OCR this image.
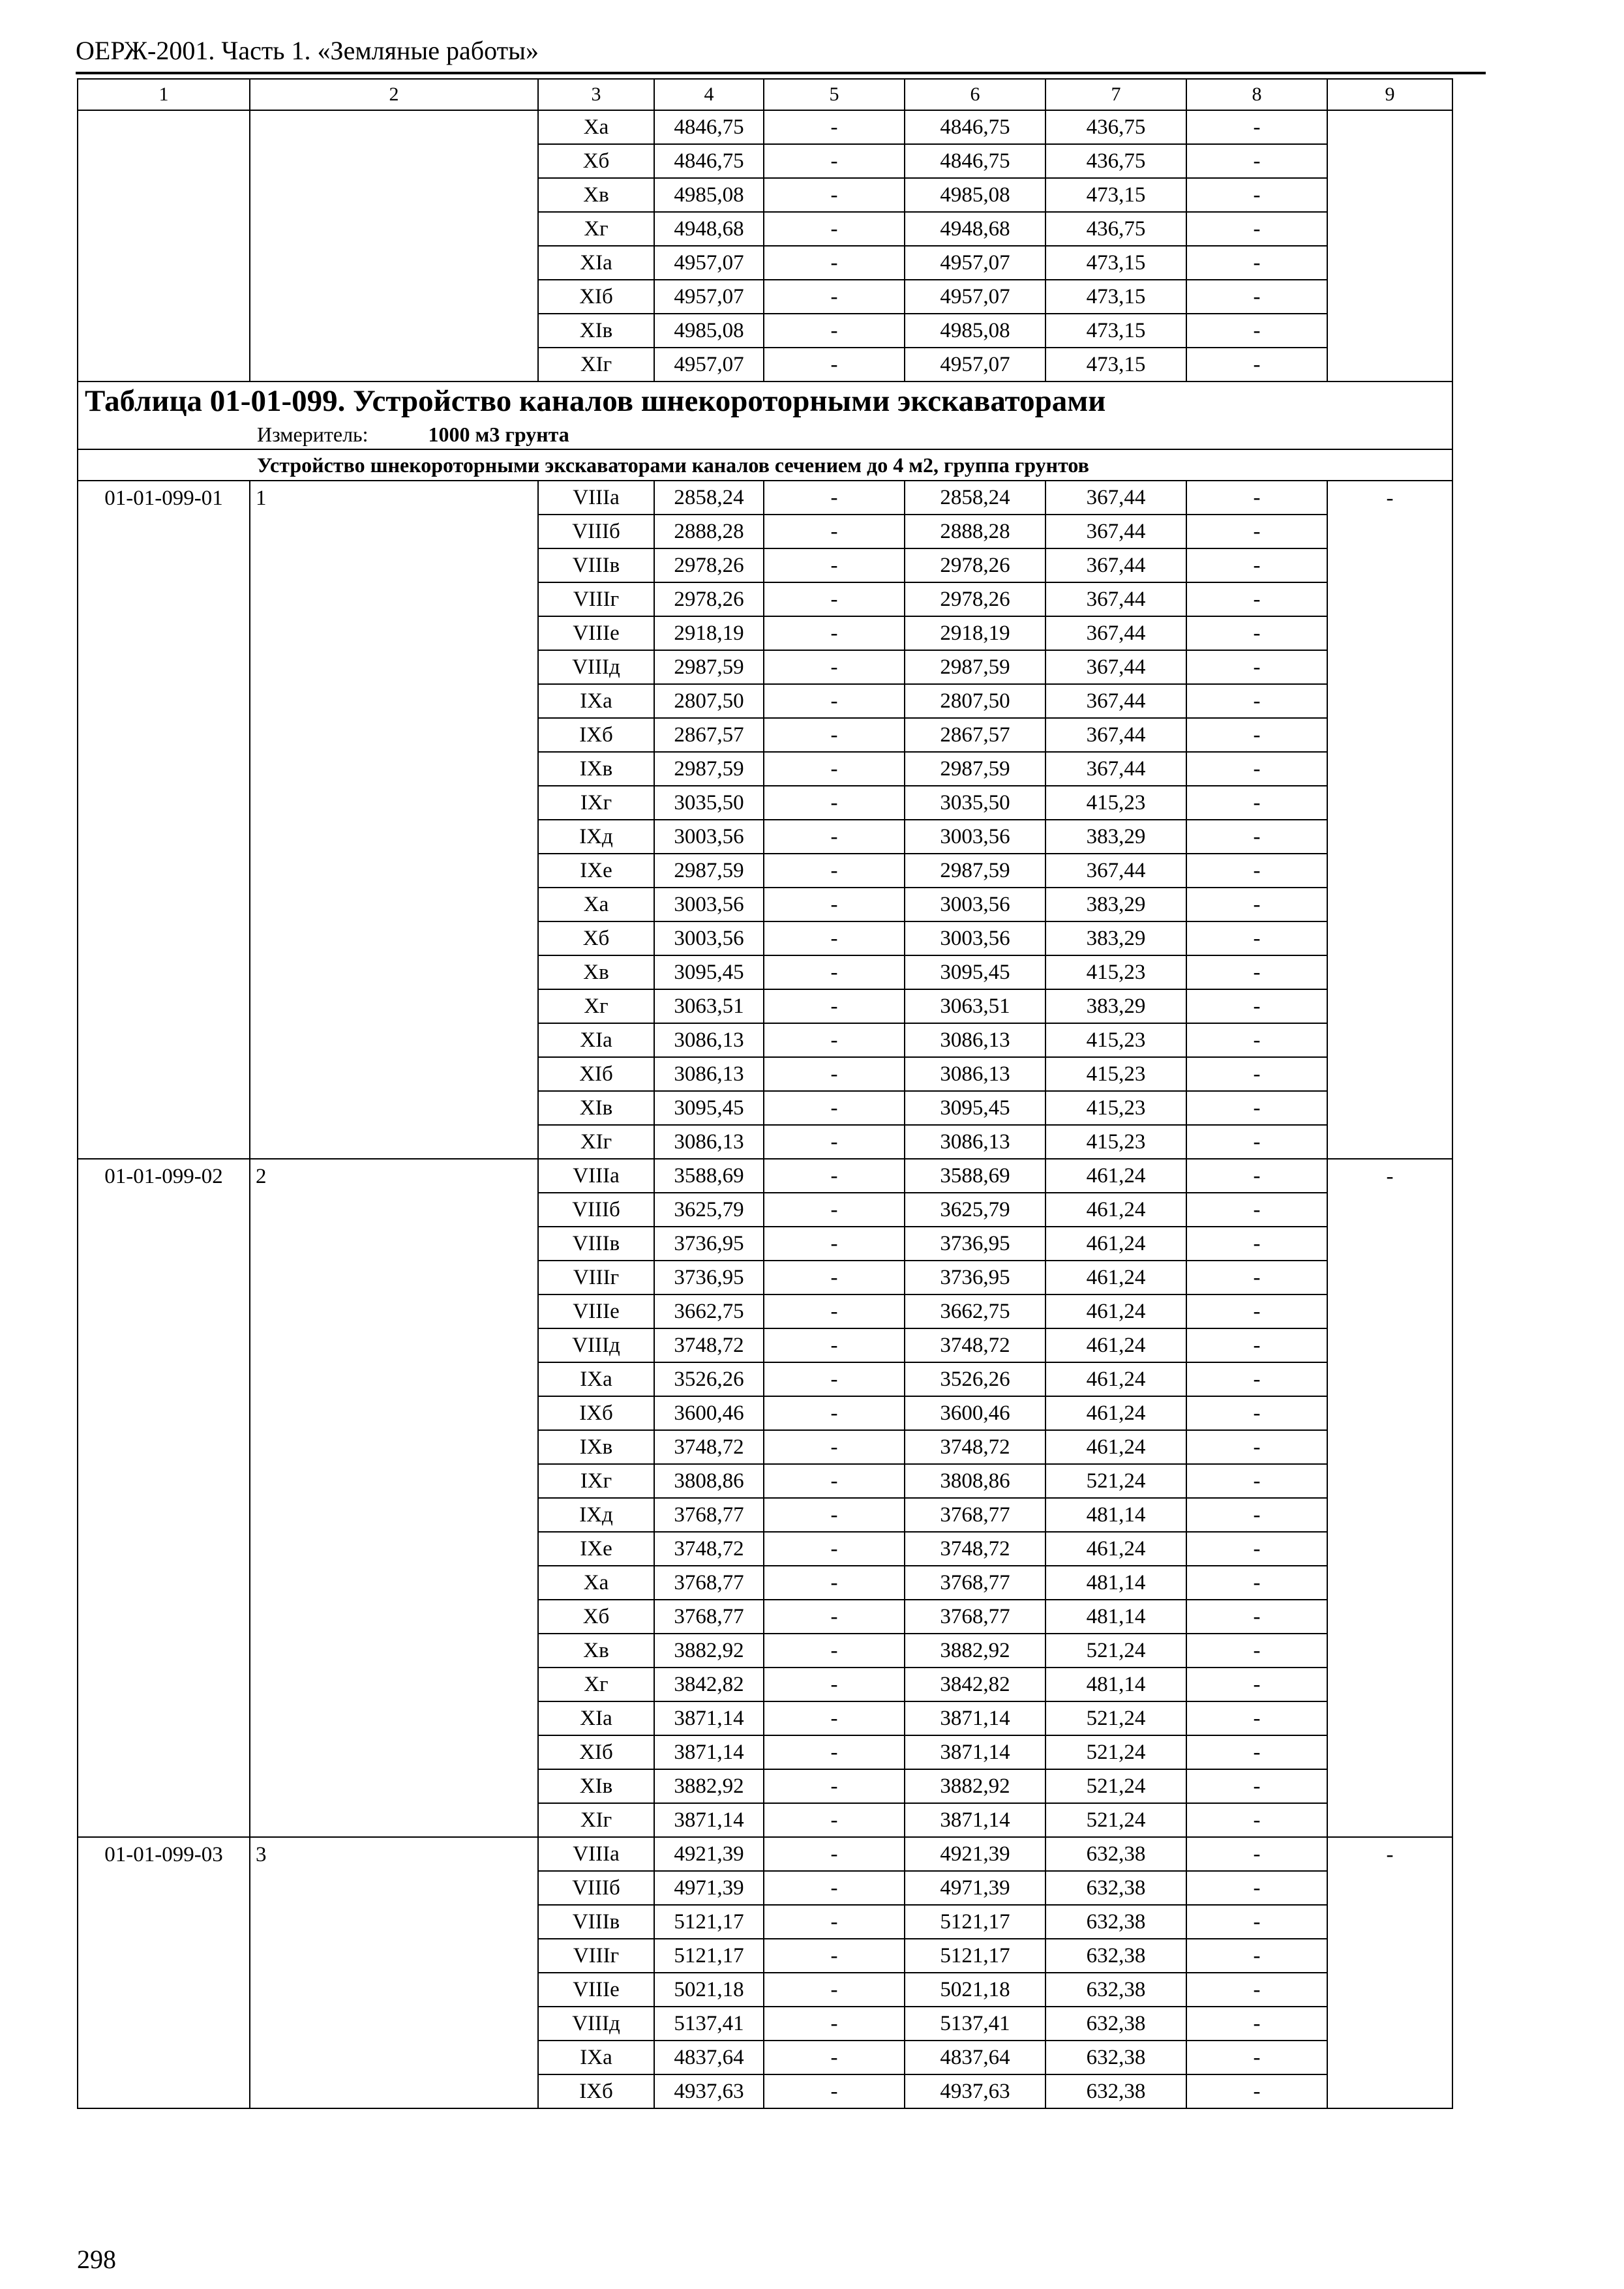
ОЕРЖ-2001. Часть 1. «Земляные работы»
1	2	3	4	5	6	7	8	9
		Xа	4846,75	-	4846,75	436,75	-	
		Xб	4846,75	-	4846,75	436,75	-	
		Xв	4985,08	-	4985,08	473,15	-	
		Xг	4948,68	-	4948,68	436,75	-	
		XIа	4957,07	-	4957,07	473,15	-	
		XIб	4957,07	-	4957,07	473,15	-	
		XIв	4985,08	-	4985,08	473,15	-	
		XIг	4957,07	-	4957,07	473,15	-	
Таблица 01-01-099. Устройство каналов шнекороторными экскаваторами								
Измеритель: 1000 м3 грунта								
Устройство шнекороторными экскаваторами каналов сечением до 4 м2, группа грунтов								
01-01-099-01	1	VIIIа	2858,24	-	2858,24	367,44	-	-
		VIIIб	2888,28	-	2888,28	367,44	-	
		VIIIв	2978,26	-	2978,26	367,44	-	
		VIIIг	2978,26	-	2978,26	367,44	-	
		VIIIе	2918,19	-	2918,19	367,44	-	
		VIIIд	2987,59	-	2987,59	367,44	-	
		IXа	2807,50	-	2807,50	367,44	-	
		IXб	2867,57	-	2867,57	367,44	-	
		IXв	2987,59	-	2987,59	367,44	-	
		IXг	3035,50	-	3035,50	415,23	-	
		IXд	3003,56	-	3003,56	383,29	-	
		IXе	2987,59	-	2987,59	367,44	-	
		Xа	3003,56	-	3003,56	383,29	-	
		Xб	3003,56	-	3003,56	383,29	-	
		Xв	3095,45	-	3095,45	415,23	-	
		Xг	3063,51	-	3063,51	383,29	-	
		XIа	3086,13	-	3086,13	415,23	-	
		XIб	3086,13	-	3086,13	415,23	-	
		XIв	3095,45	-	3095,45	415,23	-	
		XIг	3086,13	-	3086,13	415,23	-	
01-01-099-02	2	VIIIа	3588,69	-	3588,69	461,24	-	-
		VIIIб	3625,79	-	3625,79	461,24	-	
		VIIIв	3736,95	-	3736,95	461,24	-	
		VIIIг	3736,95	-	3736,95	461,24	-	
		VIIIе	3662,75	-	3662,75	461,24	-	
		VIIIд	3748,72	-	3748,72	461,24	-	
		IXа	3526,26	-	3526,26	461,24	-	
		IXб	3600,46	-	3600,46	461,24	-	
		IXв	3748,72	-	3748,72	461,24	-	
		IXг	3808,86	-	3808,86	521,24	-	
		IXд	3768,77	-	3768,77	481,14	-	
		IXе	3748,72	-	3748,72	461,24	-	
		Xа	3768,77	-	3768,77	481,14	-	
		Xб	3768,77	-	3768,77	481,14	-	
		Xв	3882,92	-	3882,92	521,24	-	
		Xг	3842,82	-	3842,82	481,14	-	
		XIа	3871,14	-	3871,14	521,24	-	
		XIб	3871,14	-	3871,14	521,24	-	
		XIв	3882,92	-	3882,92	521,24	-	
		XIг	3871,14	-	3871,14	521,24	-	
01-01-099-03	3	VIIIа	4921,39	-	4921,39	632,38	-	-
		VIIIб	4971,39	-	4971,39	632,38	-	
		VIIIв	5121,17	-	5121,17	632,38	-	
		VIIIг	5121,17	-	5121,17	632,38	-	
		VIIIе	5021,18	-	5021,18	632,38	-	
		VIIIд	5137,41	-	5137,41	632,38	-	
		IXа	4837,64	-	4837,64	632,38	-	
		IXб	4937,63	-	4937,63	632,38	-	
298
